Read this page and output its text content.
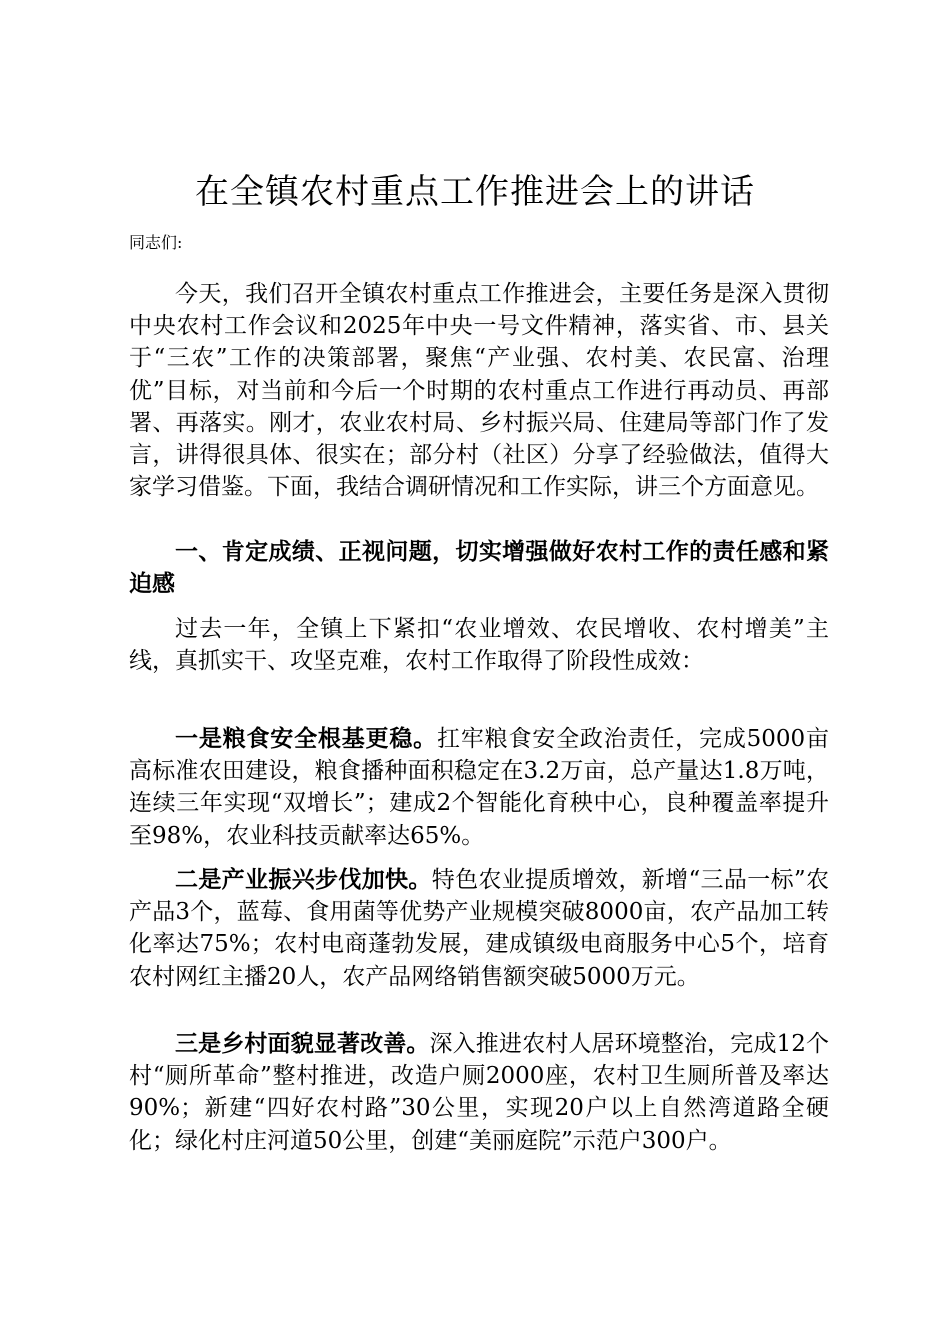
在全镇农村重点工作推进会上的讲话

同志们:

今天，我们召开全镇农村重点工作推进会，主要任务是深入贯彻中央农村工作会议和2025年中央一号文件精神，落实省、市、县关于“三农”工作的决策部署，聚焦“产业强、农村美、农民富、治理优”目标，对当前和今后一个时期的农村重点工作进行再动员、再部署、再落实。刚才，农业农村局、乡村振兴局、住建局等部门作了发言，讲得很具体、很实在；部分村（社区）分享了经验做法，值得大家学习借鉴。下面，我结合调研情况和工作实际，讲三个方面意见。

一、肯定成绩、正视问题，切实增强做好农村工作的责任感和紧迫感

过去一年，全镇上下紧扣“农业增效、农民增收、农村增美”主线，真抓实干、攻坚克难，农村工作取得了阶段性成效：

一是粮食安全根基更稳。扛牢粮食安全政治责任，完成5000亩高标准农田建设，粮食播种面积稳定在3.2万亩，总产量达1.8万吨，连续三年实现“双增长”；建成2个智能化育秧中心，良种覆盖率提升至98%，农业科技贡献率达65%。

二是产业振兴步伐加快。特色农业提质增效，新增“三品一标”农产品3个，蓝莓、食用菌等优势产业规模突破8000亩，农产品加工转化率达75%；农村电商蓬勃发展，建成镇级电商服务中心5个，培育农村网红主播20人，农产品网络销售额突破5000万元。

三是乡村面貌显著改善。深入推进农村人居环境整治，完成12个村“厕所革命”整村推进，改造户厕2000座，农村卫生厕所普及率达90%；新建“四好农村路”30公里，实现20户以上自然湾道路全硬化；绿化村庄河道50公里，创建“美丽庭院”示范户300户。
